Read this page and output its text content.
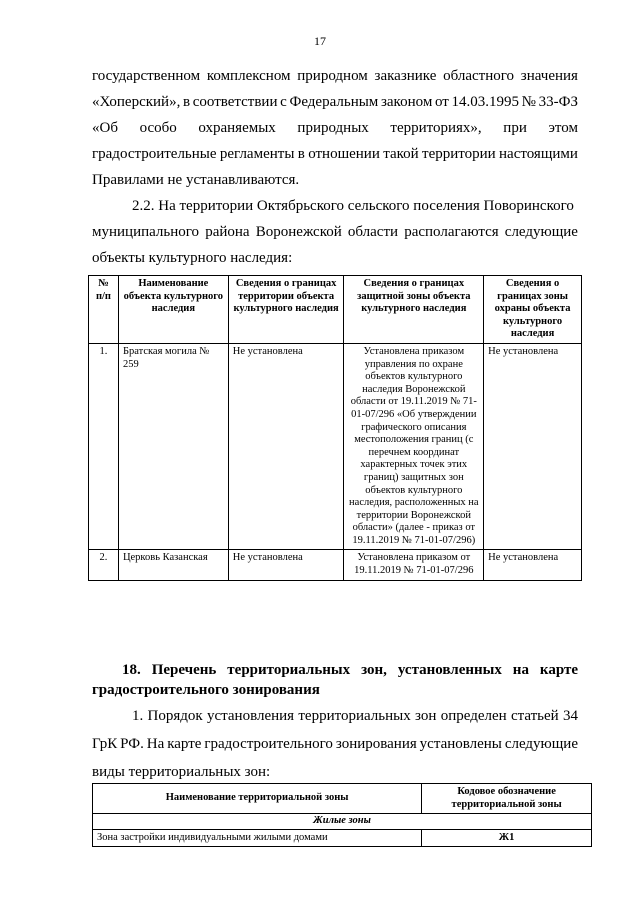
17
государственном комплексном природном заказнике областного значения
«Хоперский», в соответствии с Федеральным законом от 14.03.1995 № 33-ФЗ
«Об особо охраняемых природных территориях», при этом
градостроительные регламенты в отношении такой территории настоящими
Правилами не устанавливаются.
2.2. На территории Октябрьского сельского поселения Поворинского
муниципального района Воронежской области располагаются следующие
объекты культурного наследия:
№ п/п	Наименование объекта культурного наследия	Сведения о границах территории объекта культурного наследия	Сведения о границах защитной зоны объекта культурного наследия	Сведения о границах зоны охраны объекта культурного наследия
1.	Братская могила № 259	Не установлена	Установлена приказом управления по охране объектов культурного наследия Воронежской области от 19.11.2019 № 71-01-07/296 «Об утверждении графического описания местоположения границ (с перечнем координат характерных точек этих границ) защитных зон объектов культурного наследия, расположенных на территории Воронежской области» (далее - приказ от 19.11.2019 № 71-01-07/296)	Не установлена
2.	Церковь Казанская	Не установлена	Установлена приказом от 19.11.2019 № 71-01-07/296	Не установлена
18. Перечень территориальных зон, установленных на карте градостроительного зонирования
1. Порядок установления территориальных зон определен статьей 34
ГрК РФ. На карте градостроительного зонирования установлены следующие
виды территориальных зон:
Наименование территориальной зоны	Кодовое обозначение территориальной зоны
Жилые зоны	
Зона застройки индивидуальными жилыми домами	Ж1
